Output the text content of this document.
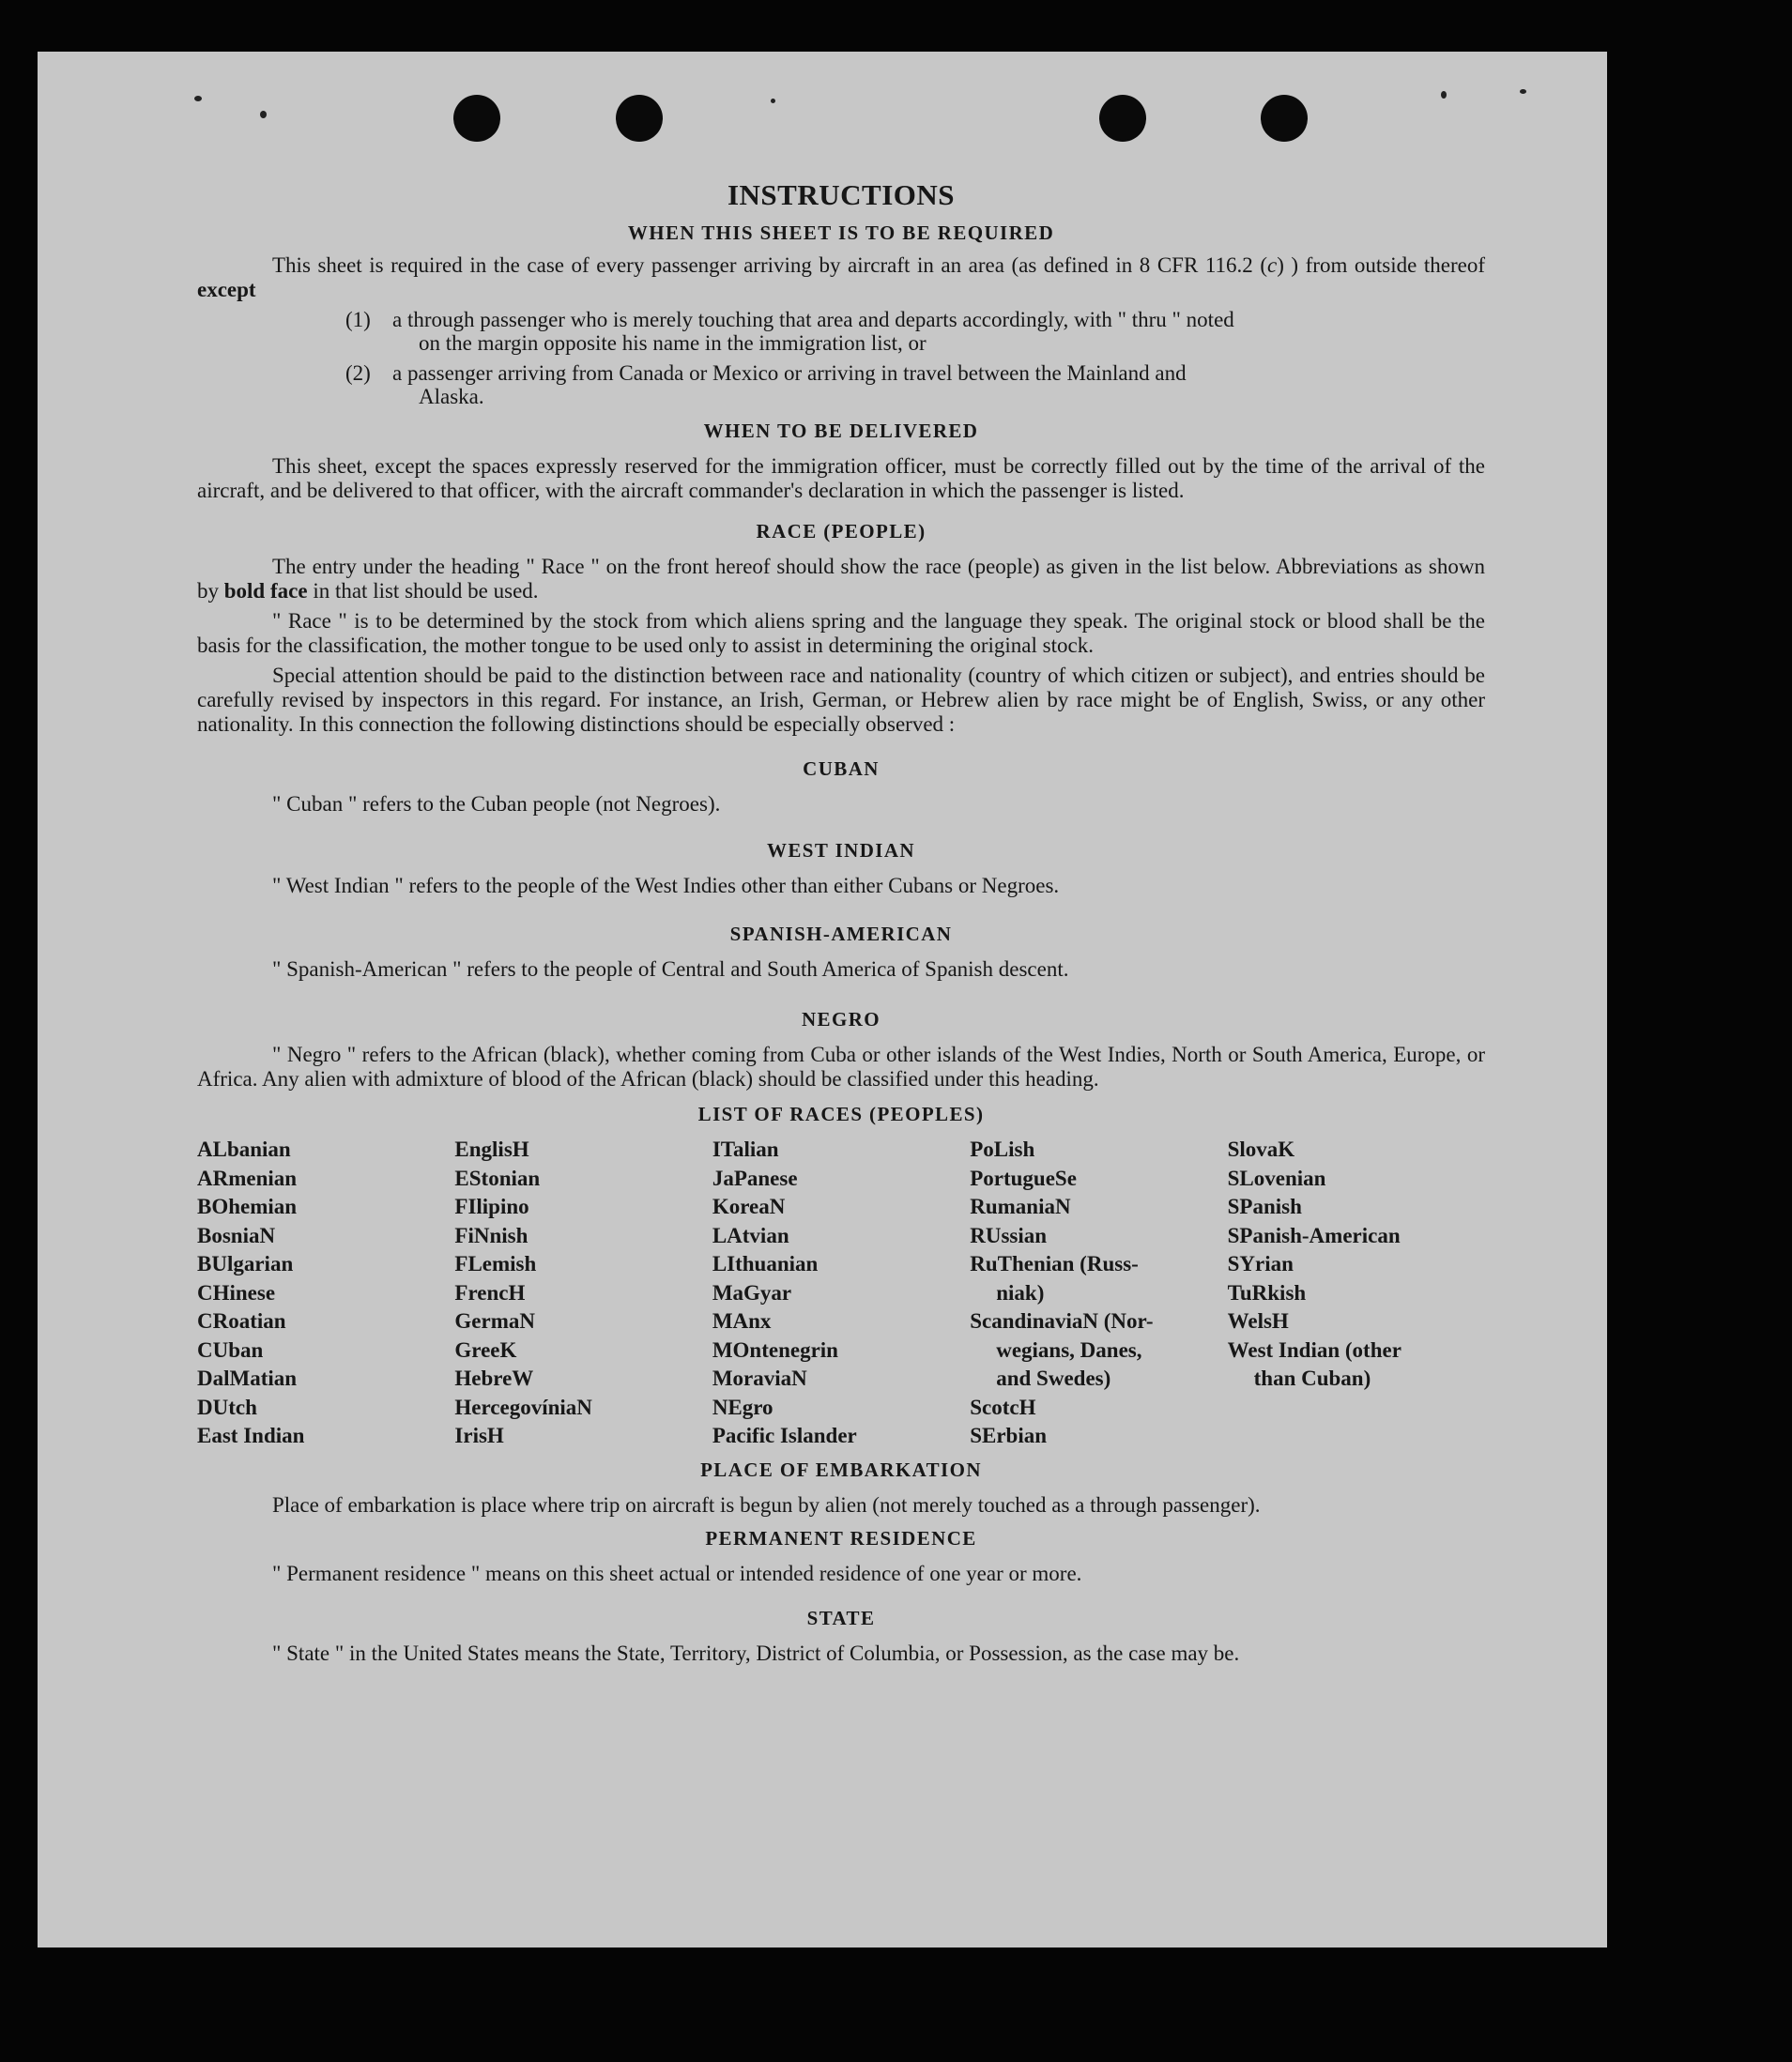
INSTRUCTIONS
WHEN THIS SHEET IS TO BE REQUIRED

This sheet is required in the case of every passenger arriving by aircraft in an area (as defined in 8 CFR 116.2 (c) ) from outside thereof except

(1)	a through passenger who is merely touching that area and departs accordingly, with " thru " noted
on the margin opposite his name in the immigration list, or
(2)	a passenger arriving from Canada or Mexico or arriving in travel between the Mainland and
Alaska.
WHEN TO BE DELIVERED

This sheet, except the spaces expressly reserved for the immigration officer, must be correctly filled out by the time of the arrival of the aircraft, and be delivered to that officer, with the aircraft commander's declaration in which the passenger is listed.

RACE (PEOPLE)

The entry under the heading " Race " on the front hereof should show the race (people) as given in the list below. Abbreviations as shown by bold face in that list should be used.

" Race " is to be determined by the stock from which aliens spring and the language they speak. The original stock or blood shall be the basis for the classification, the mother tongue to be used only to assist in determining the original stock.

Special attention should be paid to the distinction between race and nationality (country of which citizen or subject), and entries should be carefully revised by inspectors in this regard. For instance, an Irish, German, or Hebrew alien by race might be of English, Swiss, or any other nationality. In this connection the following distinctions should be especially observed :

CUBAN

" Cuban " refers to the Cuban people (not Negroes).

WEST INDIAN

" West Indian " refers to the people of the West Indies other than either Cubans or Negroes.

SPANISH-AMERICAN

" Spanish-American " refers to the people of Central and South America of Spanish descent.

NEGRO

" Negro " refers to the African (black), whether coming from Cuba or other islands of the West Indies, North or South America, Europe, or Africa. Any alien with admixture of blood of the African (black) should be classified under this heading.

LIST OF RACES (PEOPLES)
ALbanian
ARmenian
BOhemian
BosniaN
BUlgarian
CHinese
CRoatian
CUban
DalMatian
DUtch
East Indian
EnglisH
EStonian
FIlipino
FiNnish
FLemish
FrencH
GermaN
GreeK
HebreW
HercegovíniaN
IrisH
ITalian
JaPanese
KoreaN
LAtvian
LIthuanian
MaGyar
MAnx
MOntenegrin
MoraviaN
NEgro
Pacific Islander
PoLish
PortugueSe
RumaniaN
RUssian
RuThenian (Russ-
niak)
ScandinaviaN (Nor-
wegians, Danes,
and Swedes)
ScotcH
SErbian
SlovaK
SLovenian
SPanish
SPanish-American
SYrian
TuRkish
WelsH
West Indian (other
than Cuban)
PLACE OF EMBARKATION

Place of embarkation is place where trip on aircraft is begun by alien (not merely touched as a through passenger).

PERMANENT RESIDENCE

" Permanent residence " means on this sheet actual or intended residence of one year or more.

STATE

" State " in the United States means the State, Territory, District of Columbia, or Possession, as the case may be.
